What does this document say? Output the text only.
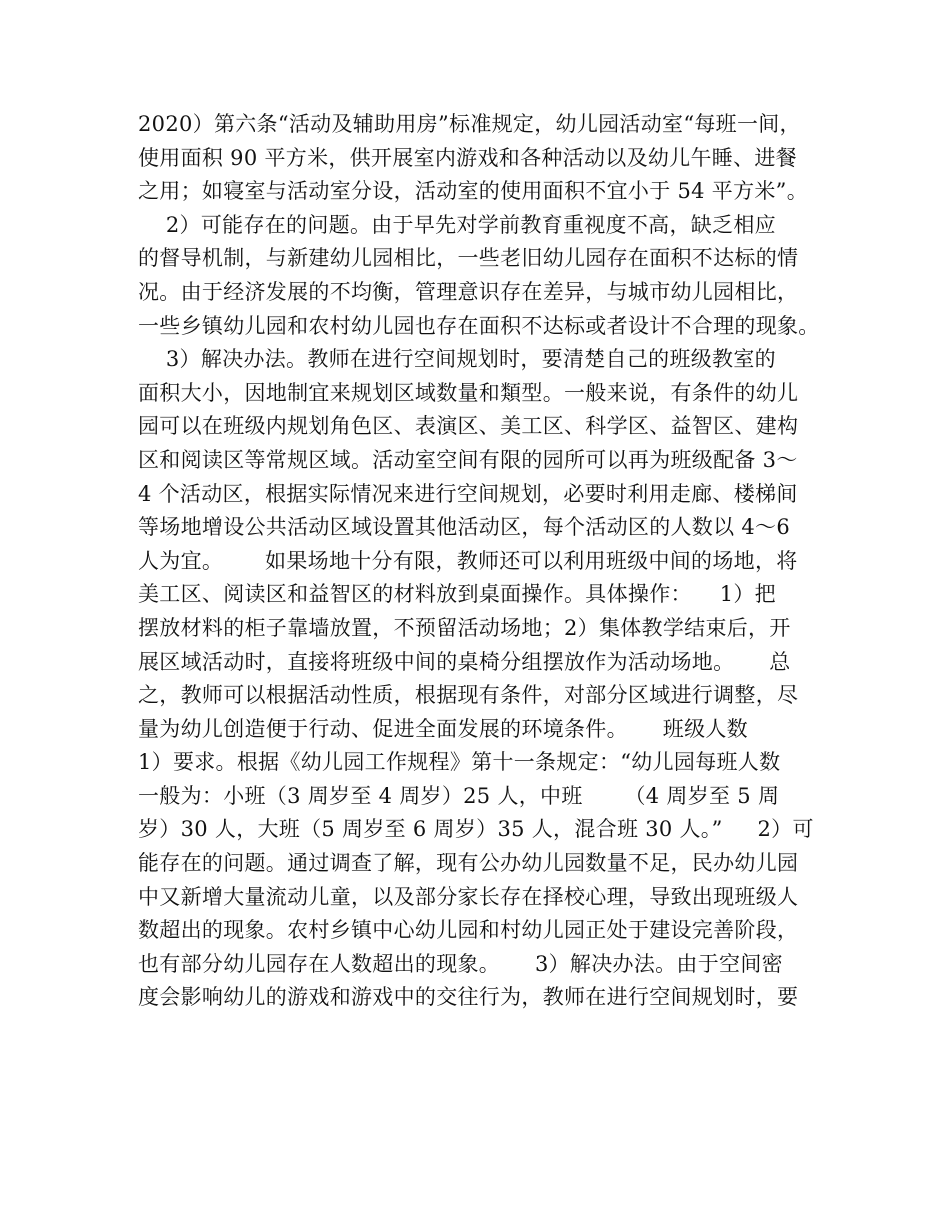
2020）第六条“活动及辅助用房”标准规定，幼儿园活动室“每班一间，
使用面积 90 平方米，供开展室内游戏和各种活动以及幼儿午睡、进餐
之用；如寝室与活动室分设，活动室的使用面积不宜小于 54 平方米”。
2）可能存在的问题。由于早先对学前教育重视度不高，缺乏相应
的督导机制，与新建幼儿园相比，一些老旧幼儿园存在面积不达标的情
况。由于经济发展的不均衡，管理意识存在差异，与城市幼儿园相比，
一些乡镇幼儿园和农村幼儿园也存在面积不达标或者设计不合理的现象。
3）解决办法。教师在进行空间规划时，要清楚自己的班级教室的
面积大小，因地制宜来规划区域数量和類型。一般来说，有条件的幼儿
园可以在班级内规划角色区、表演区、美工区、科学区、益智区、建构
区和阅读区等常规区域。活动室空间有限的园所可以再为班级配备 3～
4 个活动区，根据实际情况来进行空间规划，必要时利用走廊、楼梯间
等场地增设公共活动区域设置其他活动区，每个活动区的人数以 4～6
人为宜。      如果场地十分有限，教师还可以利用班级中间的场地，将
美工区、阅读区和益智区的材料放到桌面操作。具体操作：    1）把
摆放材料的柜子靠墙放置，不预留活动场地；2）集体教学结束后，开
展区域活动时，直接将班级中间的桌椅分组摆放作为活动场地。     总
之，教师可以根据活动性质，根据现有条件，对部分区域进行调整，尽
量为幼儿创造便于行动、促进全面发展的环境条件。     班级人数
1）要求。根据《幼儿园工作规程》第十一条规定：“幼儿园每班人数
一般为：小班（3 周岁至 4 周岁）25 人，中班      （4 周岁至 5 周
岁）30 人，大班（5 周岁至 6 周岁）35 人，混合班 30 人。”     2）可
能存在的问题。通过调查了解，现有公办幼儿园数量不足，民办幼儿园
中又新增大量流动儿童，以及部分家长存在择校心理，导致出现班级人
数超出的现象。农村乡镇中心幼儿园和村幼儿园正处于建设完善阶段，
也有部分幼儿园存在人数超出的现象。     3）解决办法。由于空间密
度会影响幼儿的游戏和游戏中的交往行为，教师在进行空间规划时，要
